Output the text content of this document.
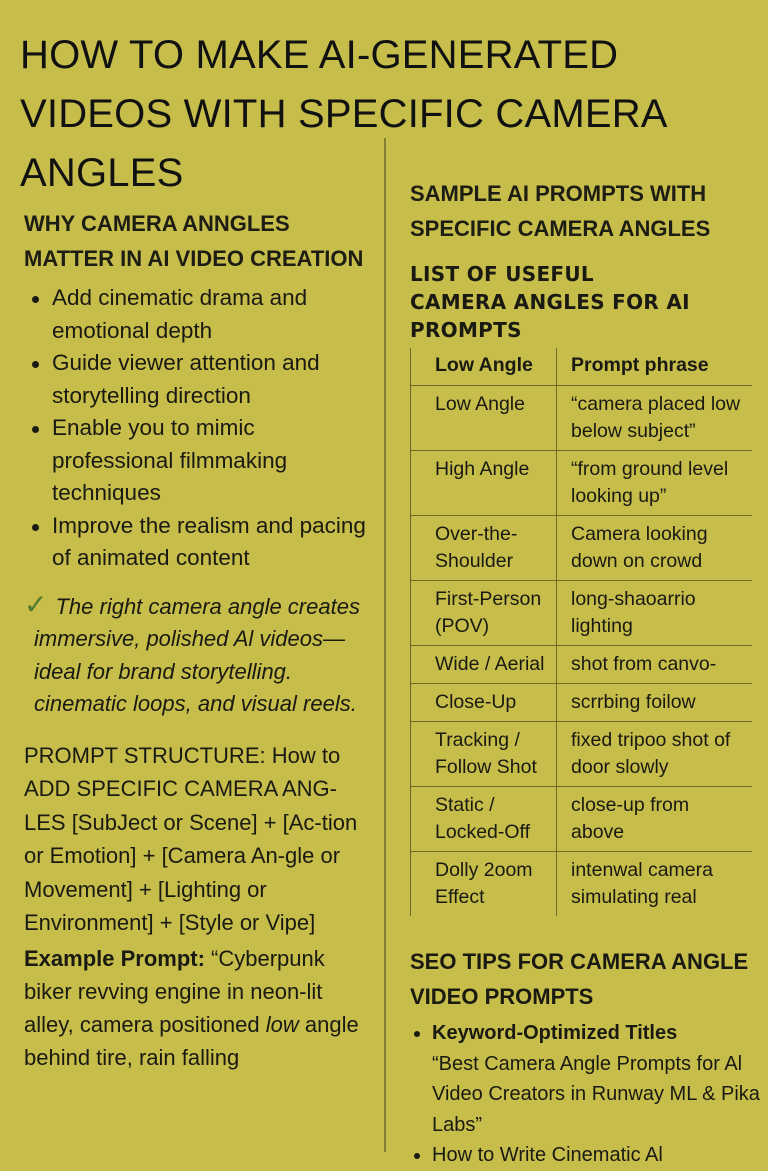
HOW TO MAKE AI-GENERATED VIDEOS WITH SPECIFIC CAMERA ANGLES
WHY CAMERA ANNGLES MATTER IN AI VIDEO CREATION
Add cinematic drama and emotional depth
Guide viewer attention and storytelling direction
Enable you to mimic professional filmmaking techniques
Improve the realism and pacing of animated content

✓ The right camera angle creates immersive, polished Al videos—ideal for brand storytelling. cinematic loops, and visual reels.

PROMPT STRUCTURE: How to ADD SPECIFIC CAMERA ANG-LES [SubJect or Scene] + [Ac-tion or Emotion] + [Camera An-gle or Movement] + [Lighting or Environment] + [Style or Vipe]

Example Prompt: “Cyberpunk biker revving engine in neon-lit alley, camera positioned low angle behind tire, rain falling

SAMPLE AI PROMPTS WITH SPECIFIC CAMERA ANGLES
LIST OF USEFUL
CAMERA ANGLES FOR AI PROMPTS
Low Angle	Prompt phrase
Low Angle	“camera placed low below subject”
High Angle	“from ground level looking up”
Over-the-Shoulder	Camera looking down on crowd
First-Person (POV)	long-shaoarrio lighting
Wide / Aerial	shot from canvo-
Close-Up	scrrbing foilow
Tracking / Follow Shot	fixed tripoo shot of door slowly
Static / Locked-Off	close-up from above
Dolly 2oom Effect	intenwal camera simulating real
SEO TIPS FOR CAMERA ANGLE VIDEO PROMPTS
Keyword-Optimized Titles
“Best Camera Angle Prompts for Al Video Creators in Runway ML & Pika Labs”
How to Write Cinematic Al
